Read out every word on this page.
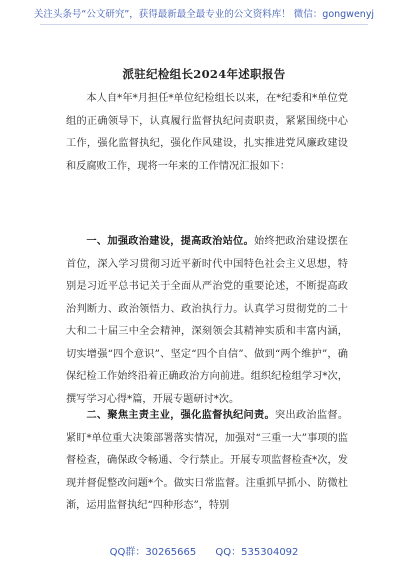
关注头条号“公文研究”，获得最新最全最专业的公文资料库！ 微信：gongwenyj
派驻纪检组长2024年述职报告

本人自*年*月担任*单位纪检组长以来，在*纪委和*单位党组的正确领导下，认真履行监督执纪问责职责，紧紧围绕中心工作，强化监督执纪，强化作风建设，扎实推进党风廉政建设和反腐败工作，现将一年来的工作情况汇报如下：

一、加强政治建设，提高政治站位。始终把政治建设摆在首位，深入学习贯彻习近平新时代中国特色社会主义思想，特别是习近平总书记关于全面从严治党的重要论述，不断提高政治判断力、政治领悟力、政治执行力。认真学习贯彻党的二十大和二十届三中全会精神，深刻领会其精神实质和丰富内涵，切实增强“四个意识”、坚定“四个自信”、做到“两个维护”，确保纪检工作始终沿着正确政治方向前进。组织纪检组学习*次，撰写学习心得*篇，开展专题研讨*次。

二、聚焦主责主业，强化监督执纪问责。突出政治监督。紧盯*单位重大决策部署落实情况，加强对“三重一大”事项的监督检查，确保政令畅通、令行禁止。开展专项监督检查*次，发现并督促整改问题*个。做实日常监督。注重抓早抓小、防微杜渐，运用监督执纪“四种形态”，特别

QQ群：30265665 QQ：535304092
